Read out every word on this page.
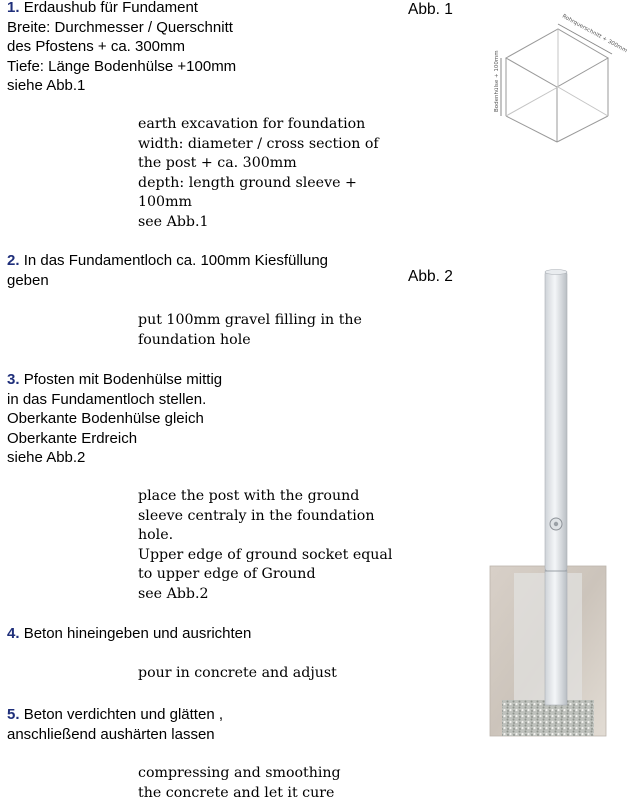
1. Erdaushub für Fundament
Breite: Durchmesser / Querschnitt
des Pfostens + ca. 300mm
Tiefe: Länge Bodenhülse +100mm
siehe Abb.1
earth excavation for foundation
width: diameter / cross section of
the post + ca. 300mm
depth: length ground sleeve +
100mm
see Abb.1
2. In das Fundamentloch ca. 100mm Kiesfüllung
geben
put 100mm gravel filling in the
foundation hole
3. Pfosten mit Bodenhülse mittig
in das Fundamentloch stellen.
Oberkante Bodenhülse gleich
Oberkante Erdreich
siehe Abb.2
place the post with the ground
sleeve centraly in the foundation
hole.
Upper edge of ground socket equal
to upper edge of Ground
see Abb.2
4. Beton hineingeben und ausrichten
pour in concrete and adjust
5. Beton verdichten und glätten ,
anschließend aushärten lassen
compressing and smoothing
the concrete and let it cure
Abb. 1
Abb. 2
Rohrquerschnitt + 300mm
Bodenhülse + 100mm
